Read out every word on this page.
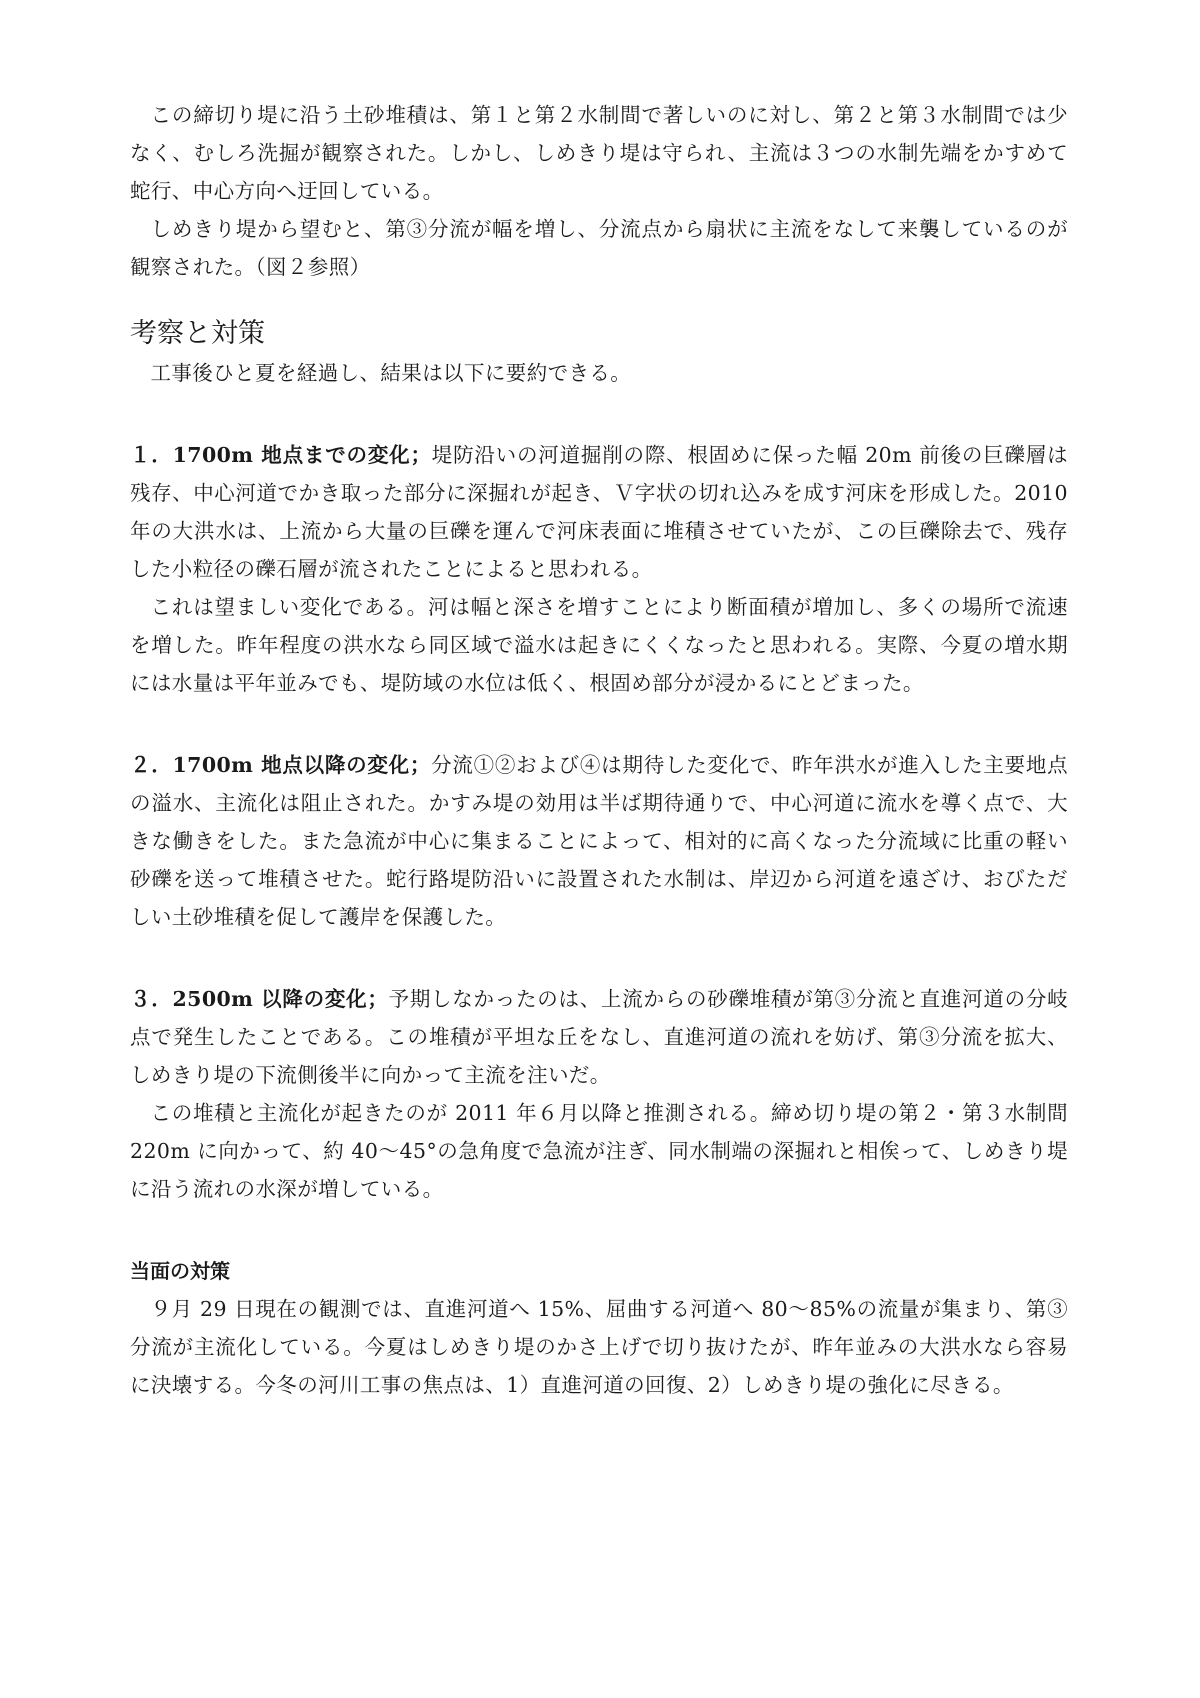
この締切り堤に沿う土砂堆積は、第１と第２水制間で著しいのに対し、第２と第３水制間では少なく、むしろ洗掘が観察された。しかし、しめきり堤は守られ、主流は３つの水制先端をかすめて蛇行、中心方向へ迂回している。

しめきり堤から望むと、第③分流が幅を増し、分流点から扇状に主流をなして来襲しているのが観察された。（図２参照）

考察と対策

工事後ひと夏を経過し、結果は以下に要約できる。

１．1700m 地点までの変化；堤防沿いの河道掘削の際、根固めに保った幅 20m 前後の巨礫層は残存、中心河道でかき取った部分に深掘れが起き、Ｖ字状の切れ込みを成す河床を形成した。2010 年の大洪水は、上流から大量の巨礫を運んで河床表面に堆積させていたが、この巨礫除去で、残存した小粒径の礫石層が流されたことによると思われる。

これは望ましい変化である。河は幅と深さを増すことにより断面積が増加し、多くの場所で流速を増した。昨年程度の洪水なら同区域で溢水は起きにくくなったと思われる。実際、今夏の増水期には水量は平年並みでも、堤防域の水位は低く、根固め部分が浸かるにとどまった。

２．1700m 地点以降の変化；分流①②および④は期待した変化で、昨年洪水が進入した主要地点の溢水、主流化は阻止された。かすみ堤の効用は半ば期待通りで、中心河道に流水を導く点で、大きな働きをした。また急流が中心に集まることによって、相対的に高くなった分流域に比重の軽い砂礫を送って堆積させた。蛇行路堤防沿いに設置された水制は、岸辺から河道を遠ざけ、おびただしい土砂堆積を促して護岸を保護した。

３．2500m 以降の変化；予期しなかったのは、上流からの砂礫堆積が第③分流と直進河道の分岐点で発生したことである。この堆積が平坦な丘をなし、直進河道の流れを妨げ、第③分流を拡大、しめきり堤の下流側後半に向かって主流を注いだ。

この堆積と主流化が起きたのが 2011 年６月以降と推測される。締め切り堤の第２・第３水制間 220m に向かって、約 40〜45°の急角度で急流が注ぎ、同水制端の深掘れと相俟って、しめきり堤に沿う流れの水深が増している。

当面の対策

９月 29 日現在の観測では、直進河道へ 15%、屈曲する河道へ 80〜85%の流量が集まり、第③分流が主流化している。今夏はしめきり堤のかさ上げで切り抜けたが、昨年並みの大洪水なら容易に決壊する。今冬の河川工事の焦点は、1）直進河道の回復、2）しめきり堤の強化に尽きる。
